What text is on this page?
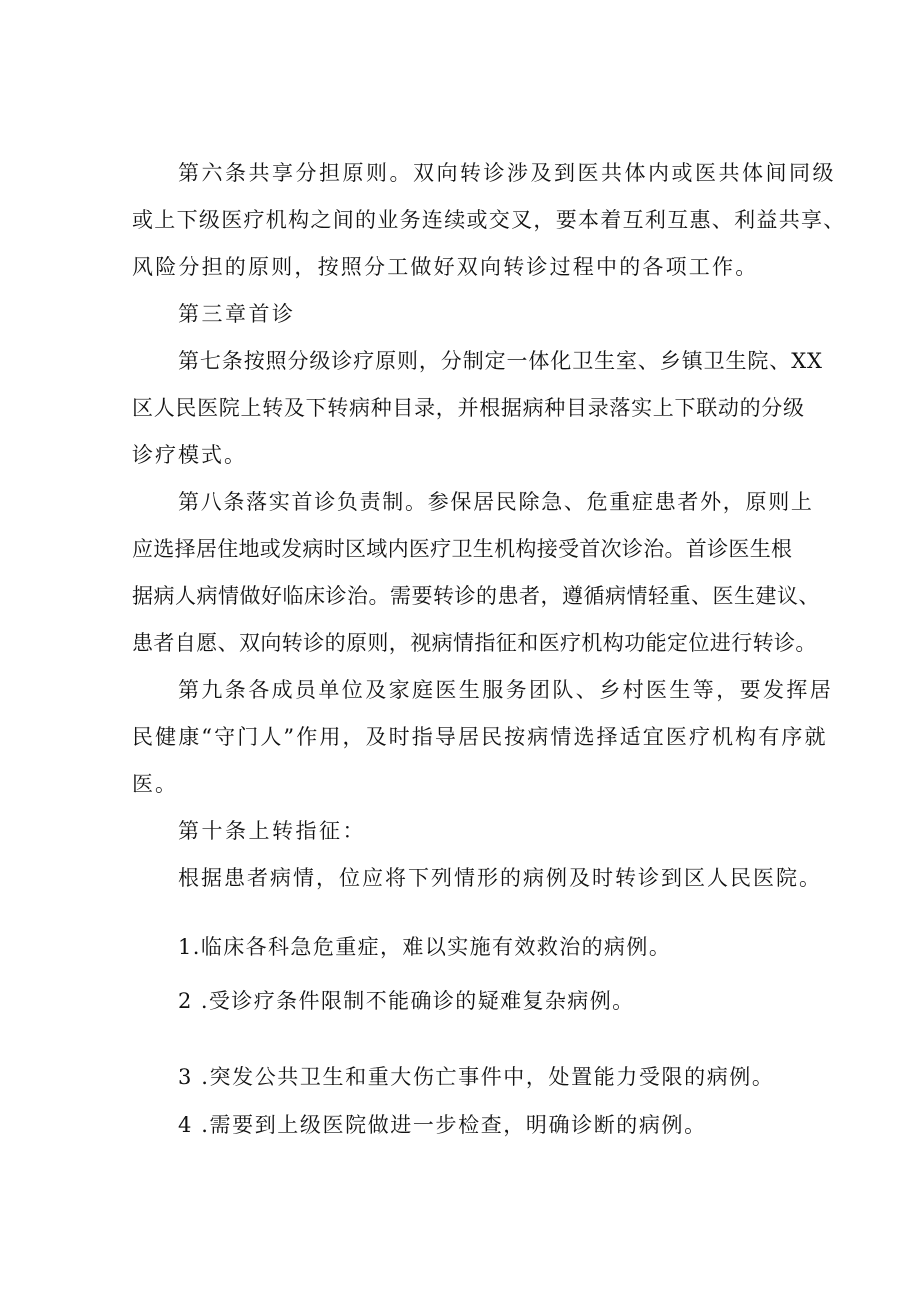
第六条共享分担原则。双向转诊涉及到医共体内或医共体间同级

或上下级医疗机构之间的业务连续或交叉，要本着互利互惠、利益共享、

风险分担的原则，按照分工做好双向转诊过程中的各项工作。

第三章首诊

第七条按照分级诊疗原则，分制定一体化卫生室、乡镇卫生院、XX

区人民医院上转及下转病种目录，并根据病种目录落实上下联动的分级

诊疗模式。

第八条落实首诊负责制。参保居民除急、危重症患者外，原则上

应选择居住地或发病时区域内医疗卫生机构接受首次诊治。首诊医生根

据病人病情做好临床诊治。需要转诊的患者，遵循病情轻重、医生建议、

患者自愿、双向转诊的原则，视病情指征和医疗机构功能定位进行转诊。

第九条各成员单位及家庭医生服务团队、乡村医生等，要发挥居

民健康“守门人”作用，及时指导居民按病情选择适宜医疗机构有序就

医。

第十条上转指征：

根据患者病情，位应将下列情形的病例及时转诊到区人民医院。

1.临床各科急危重症，难以实施有效救治的病例。

2 .受诊疗条件限制不能确诊的疑难复杂病例。

3 .突发公共卫生和重大伤亡事件中，处置能力受限的病例。

4 .需要到上级医院做进一步检查，明确诊断的病例。
